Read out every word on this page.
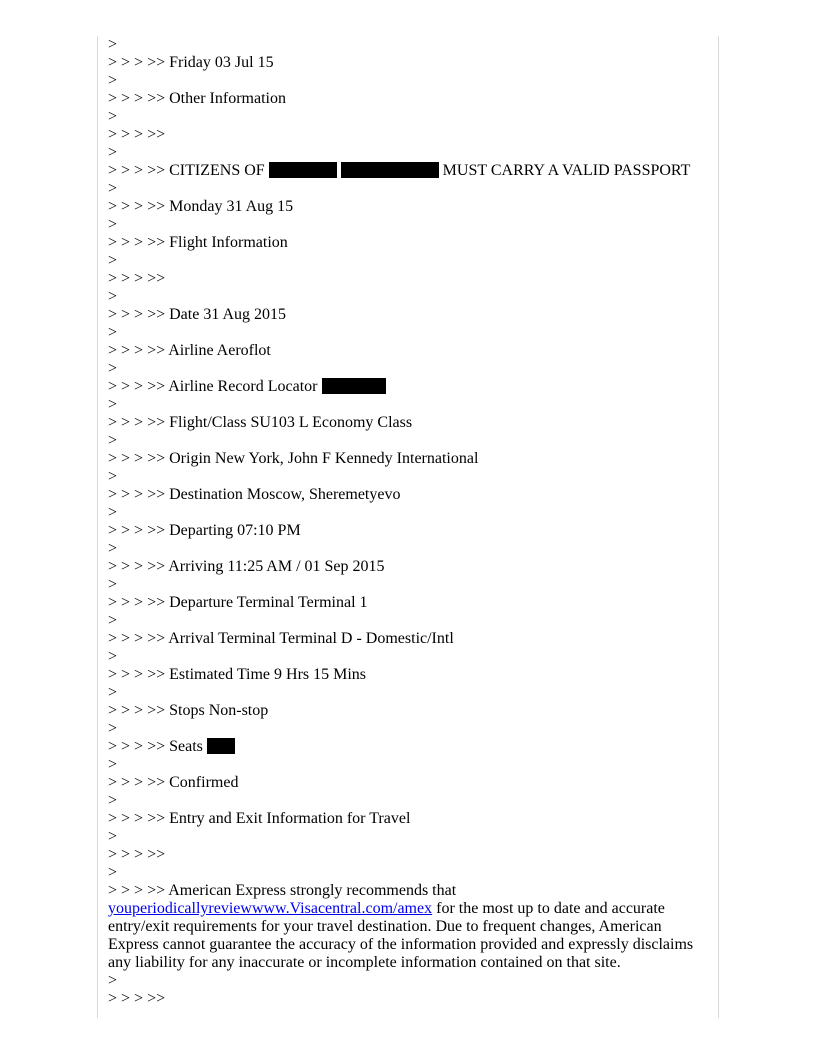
>
> > > >> Friday 03 Jul 15
>
> > > >> Other Information
>
> > > >>
>
> > > >> CITIZENS OF	MUST CARRY A VALID PASSPORT
>
> > > >> Monday 31 Aug 15
>
> > > >> Flight Information
>
> > > >>
>
> > > >> Date 31 Aug 2015
>
> > > >> Airline Aeroflot
>
> > > >> Airline Record Locator
>
> > > >> Flight/Class SU103 L Economy Class
>
> > > >> Origin New York, John F Kennedy International
>
> > > >> Destination Moscow, Sheremetyevo
>
> > > >> Departing 07:10 PM
>
> > > >> Arriving 11:25 AM / 01 Sep 2015
>
> > > >> Departure Terminal Terminal 1
>
> > > >> Arrival Terminal Terminal D - Domestic/Intl
>
> > > >> Estimated Time 9 Hrs 15 Mins
>
> > > >> Stops Non-stop
>
> > > >> Seats
>
> > > >> Confirmed
>
> > > >> Entry and Exit Information for Travel
>
> > > >>
>
> > > >> American Express strongly recommends that
youperiodicallyreviewwww.Visacentral.com/amex for the most up to date and accurate entry/exit requirements for your travel destination. Due to frequent changes, American Express cannot guarantee the accuracy of the information provided and expressly disclaims any liability for any inaccurate or incomplete information contained on that site.
>
> > > >>
